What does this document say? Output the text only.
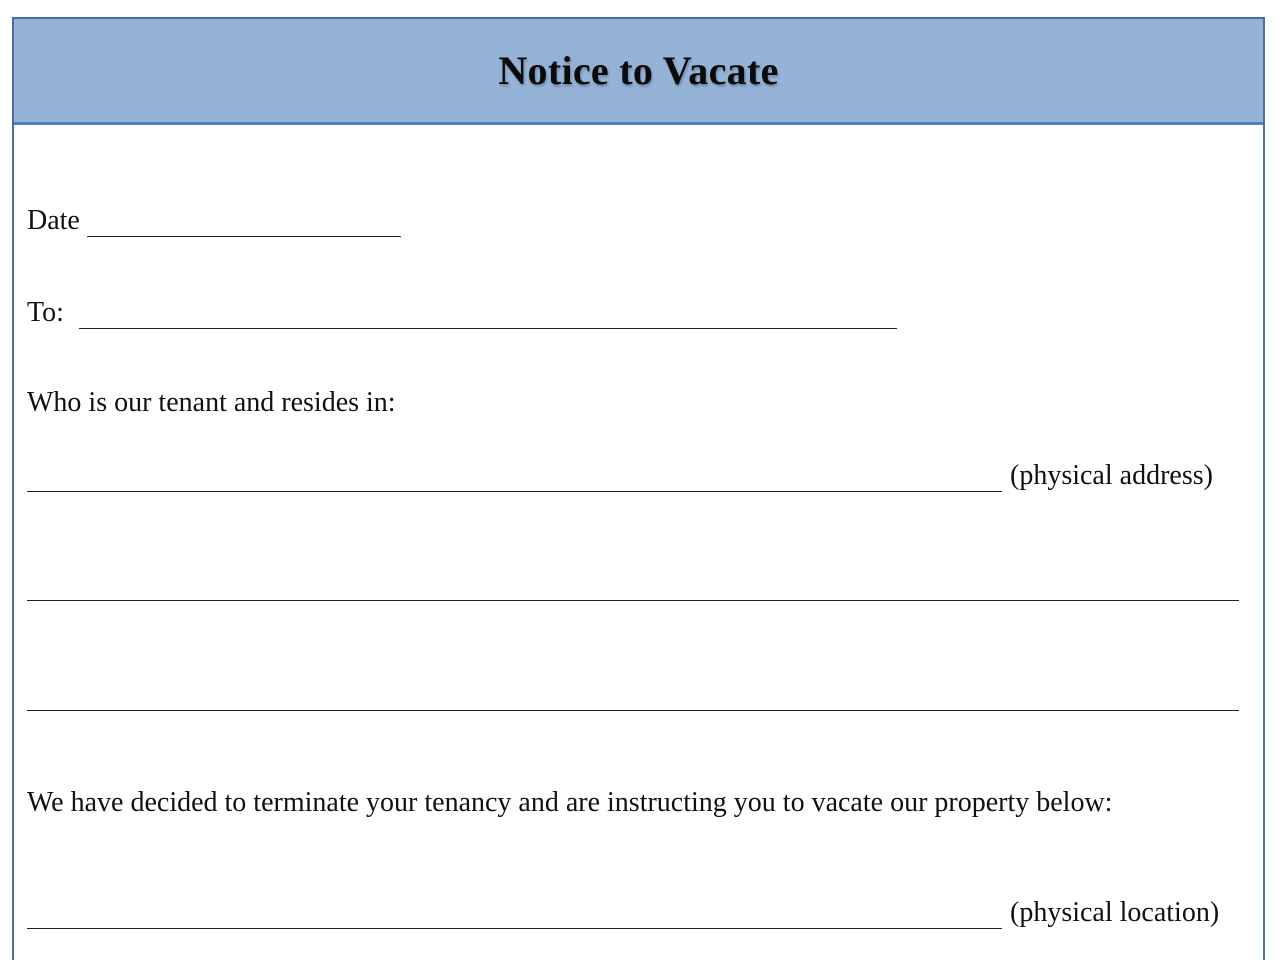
Notice to Vacate
Date
To:
Who is our tenant and resides in:
(physical address)
We have decided to terminate your tenancy and are instructing you to vacate our property below:
(physical location)
